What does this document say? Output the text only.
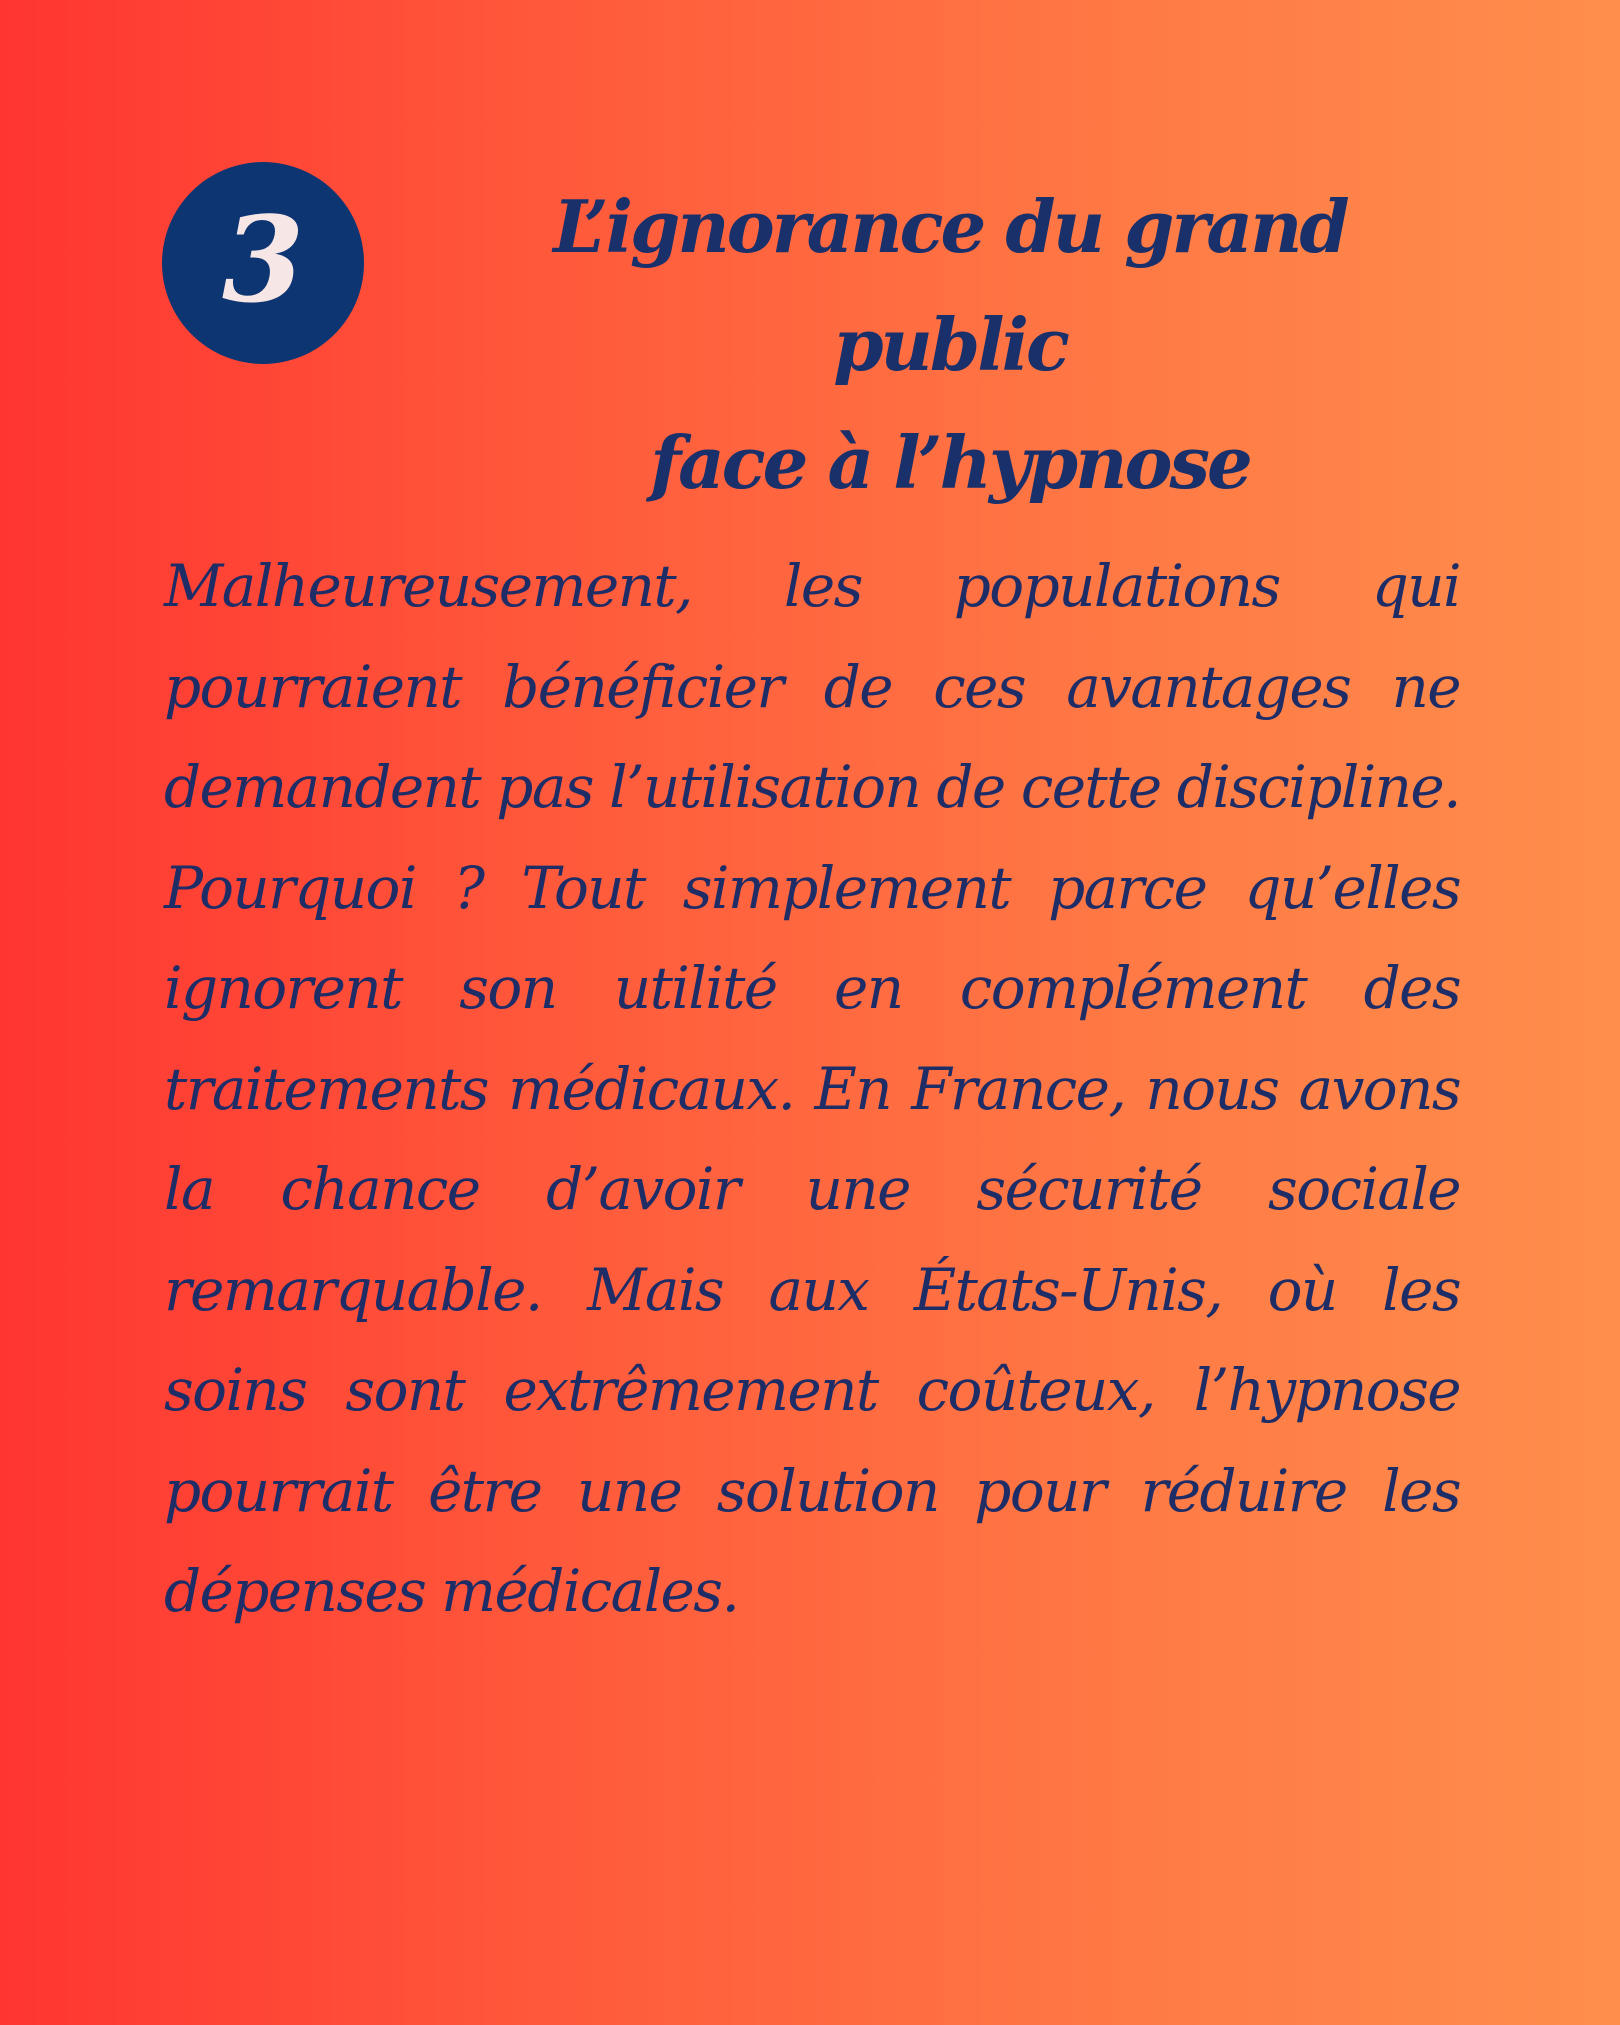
3	L’ignorance du grand public
face à l’hypnose

Malheureusement, les populations qui pourraient bénéficier de ces avantages ne demandent pas l’utilisation de cette discipline. Pourquoi ? Tout simplement parce qu’elles ignorent son utilité en complément des traitements médicaux. En France, nous avons la chance d’avoir une sécurité sociale remarquable. Mais aux États-Unis, où les soins sont extrêmement coûteux, l’hypnose pourrait être une solution pour réduire les dépenses médicales.
